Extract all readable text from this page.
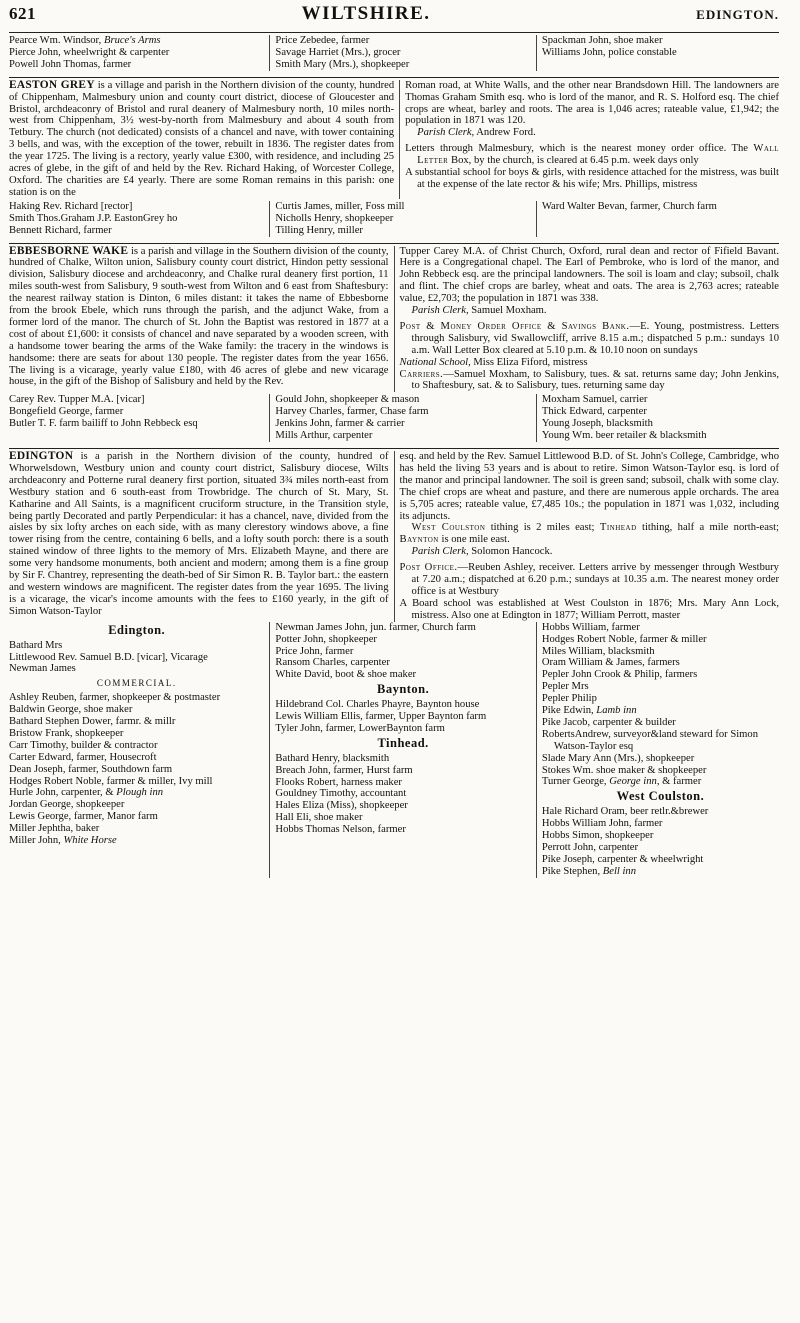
621	WILTSHIRE.	EDINGTON.
Pearce Wm. Windsor, Bruce's Arms
Pierce John, wheelwright & carpenter
Powell John Thomas, farmer
Price Zebedee, farmer
Savage Harriet (Mrs.), grocer
Smith Mary (Mrs.), shopkeeper
Spackman John, shoe maker
Williams John, police constable
EASTON GREY is a village and parish in the Northern division of the county, hundred of Chippenham, Malmesbury union and county court district, diocese of Gloucester and Bristol, archdeaconry of Bristol and rural deanery of Malmesbury north, 10 miles north-west from Chippenham, 3½ west-by-north from Malmesbury and about 4 south from Tetbury. The church (not dedicated) consists of a chancel and nave, with tower containing 3 bells, and was, with the exception of the tower, rebuilt in 1836. The register dates from the year 1725. The living is a rectory, yearly value £300, with residence, and including 25 acres of glebe, in the gift of and held by the Rev. Richard Haking, of Worcester College, Oxford. The charities are £4 yearly. There are some Roman remains in this parish: one station is on the
Roman road, at White Walls, and the other near Brandsdown Hill. The landowners are Thomas Graham Smith esq. who is lord of the manor, and R. S. Holford esq. The chief crops are wheat, barley and roots. The area is 1,046 acres; rateable value, £1,942; the population in 1871 was 120.
Parish Clerk, Andrew Ford.
Letters through Malmesbury, which is the nearest money order office. The Wall Letter Box, by the church, is cleared at 6.45 p.m. week days only
A substantial school for boys & girls, with residence attached for the mistress, was built at the expense of the late rector & his wife; Mrs. Phillips, mistress
Haking Rev. Richard [rector]
Smith Thos.Graham J.P. EastonGrey ho
Bennett Richard, farmer
Curtis James, miller, Foss mill
Nicholls Henry, shopkeeper
Tilling Henry, miller
Ward Walter Bevan, farmer, Church farm
EBBESBORNE WAKE is a parish and village in the Southern division of the county, hundred of Chalke, Wilton union, Salisbury county court district, Hindon petty sessional division, Salisbury diocese and archdeaconry, and Chalke rural deanery first portion, 11 miles south-west from Salisbury, 9 south-west from Wilton and 6 east from Shaftesbury: the nearest railway station is Dinton, 6 miles distant: it takes the name of Ebbesborne from the brook Ebele, which runs through the parish, and the adjunct Wake, from a former lord of the manor. The church of St. John the Baptist was restored in 1877 at a cost of about £1,600: it consists of chancel and nave separated by a wooden screen, with a handsome tower bearing the arms of the Wake family: the tracery in the windows is handsome: there are seats for about 130 people. The register dates from the year 1656. The living is a vicarage, yearly value £180, with 46 acres of glebe and new vicarage house, in the gift of the Bishop of Salisbury and held by the Rev.
Tupper Carey M.A. of Christ Church, Oxford, rural dean and rector of Fifield Bavant. Here is a Congregational chapel. The Earl of Pembroke, who is lord of the manor, and John Rebbeck esq. are the principal landowners. The soil is loam and clay; subsoil, chalk and flint. The chief crops are barley, wheat and oats. The area is 2,763 acres; rateable value, £2,703; the population in 1871 was 338.
Parish Clerk, Samuel Moxham.
Post & Money Order Office & Savings Bank.—E. Young, postmistress. Letters through Salisbury, vid Swallowcliff, arrive 8.15 a.m.; dispatched 5 p.m.: sundays 10 a.m. Wall Letter Box cleared at 5.10 p.m. & 10.10 noon on sundays
National School, Miss Eliza Fiford, mistress
Carriers.—Samuel Moxham, to Salisbury, tues. & sat. returns same day; John Jenkins, to Shaftesbury, sat. & to Salisbury, tues. returning same day
Carey Rev. Tupper M.A. [vicar]
Bongefield George, farmer
Butler T. F. farm bailiff to John Rebbeck esq
Gould John, shopkeeper & mason
Harvey Charles, farmer, Chase farm
Jenkins John, farmer & carrier
Mills Arthur, carpenter
Moxham Samuel, carrier
Thick Edward, carpenter
Young Joseph, blacksmith
Young Wm. beer retailer & blacksmith
EDINGTON is a parish in the Northern division of the county, hundred of Whorwelsdown, Westbury union and county court district, Salisbury diocese, Wilts archdeaconry and Potterne rural deanery first portion, situated 3¾ miles north-east from Westbury station and 6 south-east from Trowbridge. The church of St. Mary, St. Katharine and All Saints, is a magnificent cruciform structure, in the Transition style, being partly Decorated and partly Perpendicular: it has a chancel, nave, divided from the aisles by six lofty arches on each side, with as many clerestory windows above, a fine tower rising from the centre, containing 6 bells, and a lofty south porch: there is a south stained window of three lights to the memory of Mrs. Elizabeth Mayne, and there are some very handsome monuments, both ancient and modern; among them is a fine group by Sir F. Chantrey, representing the death-bed of Sir Simon R. B. Taylor bart.: the eastern and western windows are magnificent. The register dates from the year 1695. The living is a vicarage, the vicar's income amounts with the fees to £160 yearly, in the gift of Simon Watson-Taylor
esq. and held by the Rev. Samuel Littlewood B.D. of St. John's College, Cambridge, who has held the living 53 years and is about to retire. Simon Watson-Taylor esq. is lord of the manor and principal landowner. The soil is green sand; subsoil, chalk with some clay. The chief crops are wheat and pasture, and there are numerous apple orchards. The area is 5,705 acres; rateable value, £7,485 10s.; the population in 1871 was 1,032, including its adjuncts.
West Coulston tithing is 2 miles east; Tinhead tithing, half a mile north-east; Baynton is one mile east.
Parish Clerk, Solomon Hancock.
Post Office.—Reuben Ashley, receiver. Letters arrive by messenger through Westbury at 7.20 a.m.; dispatched at 6.20 p.m.; sundays at 10.35 a.m. The nearest money order office is at Westbury
A Board school was established at West Coulston in 1876; Mrs. Mary Ann Lock, mistress. Also one at Edington in 1877; William Perrott, master
Edington.
Bathard Mrs
Littlewood Rev. Samuel B.D. [vicar], Vicarage
Newman James
COMMERCIAL.
Ashley Reuben, farmer, shopkeeper & postmaster
Baldwin George, shoe maker
Bathard Stephen Dower, farmr. & millr
Bristow Frank, shopkeeper
Carr Timothy, builder & contractor
Carter Edward, farmer, Housecroft
Dean Joseph, farmer, Southdown farm
Hodges Robert Noble, farmer & miller, Ivy mill
Hurle John, carpenter, & Plough inn
Jordan George, shopkeeper
Lewis George, farmer, Manor farm
Miller Jephtha, baker
Miller John, White Horse
Newman James John, jun. farmer, Church farm
Potter John, shopkeeper
Price John, farmer
Ransom Charles, carpenter
White David, boot & shoe maker
Baynton.
Hildebrand Col. Charles Phayre, Baynton house
Lewis William Ellis, farmer, Upper Baynton farm
Tyler John, farmer, LowerBaynton farm
Tinhead.
Bathard Henry, blacksmith
Breach John, farmer, Hurst farm
Flooks Robert, harness maker
Gouldney Timothy, accountant
Hales Eliza (Miss), shopkeeper
Hall Eli, shoe maker
Hobbs Thomas Nelson, farmer
Hobbs William, farmer
Hodges Robert Noble, farmer & miller
Miles William, blacksmith
Oram William & James, farmers
Pepler John Crook & Philip, farmers
Pepler Mrs
Pepler Philip
Pike Edwin, Lamb inn
Pike Jacob, carpenter & builder
RobertsAndrew, surveyor&land steward for Simon Watson-Taylor esq
Slade Mary Ann (Mrs.), shopkeeper
Stokes Wm. shoe maker & shopkeeper
Turner George, George inn, & farmer
West Coulston.
Hale Richard Oram, beer retlr.&brewer
Hobbs William John, farmer
Hobbs Simon, shopkeeper
Perrott John, carpenter
Pike Joseph, carpenter & wheelwright
Pike Stephen, Bell inn
